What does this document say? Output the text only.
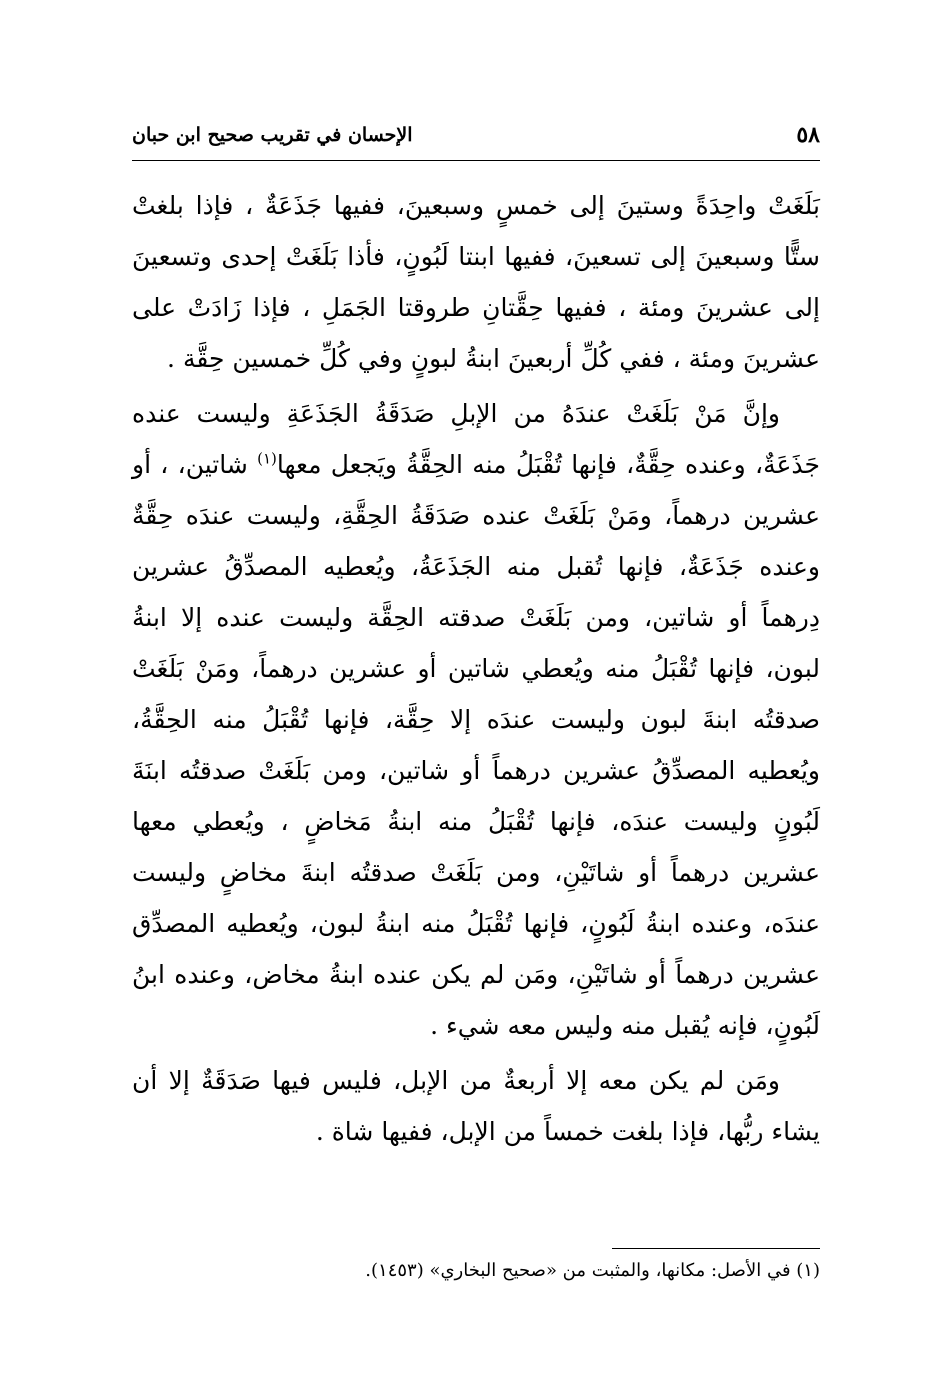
٥٨
الإحسان في تقريب صحيح ابن حبان

بَلَغَتْ واحِدَةً وستينَ إلى خمسٍ وسبعينَ، ففيها جَذَعَةٌ ، فإذا بلغتْ ستًّا وسبعينَ إلى تسعينَ، ففيها ابنتا لَبُونٍ، فأذا بَلَغَتْ إحدى وتسعينَ إلى عشرينَ ومئة ، ففيها حِقَّتانِ طروقتا الجَمَلِ ، فإذا زَادَتْ على عشرينَ ومئة ، ففي كُلِّ أربعينَ ابنةُ لبونٍ وفي كُلِّ خمسين حِقَّة .

وإنَّ مَنْ بَلَغَتْ عندَهُ من الإبلِ صَدَقَةُ الجَذَعَةِ وليست عنده جَذَعَةٌ، وعنده حِقَّةٌ، فإنها تُقْبَلُ منه الحِقَّةُ ويَجعل معها$^{(١)}$ شاتين، ، أو عشرين درهماً، ومَنْ بَلَغَتْ عنده صَدَقَةُ الحِقَّةِ، وليست عندَه حِقَّةٌ وعنده جَذَعَةٌ، فإنها تُقبل منه الجَذَعَةُ، ويُعطيه المصدِّقُ عشرين دِرهماً أو شاتين، ومن بَلَغَتْ صدقته الحِقَّة وليست عنده إلا ابنةُ لبون، فإنها تُقْبَلُ منه ويُعطي شاتين أو عشرين درهماً، ومَنْ بَلَغَتْ صدقتُه ابنةَ لبون وليست عندَه إلا حِقَّة، فإنها تُقْبَلُ منه الحِقَّةُ، ويُعطيه المصدِّقُ عشرين درهماً أو شاتين، ومن بَلَغَتْ صدقتُه ابنَةَ لَبُونٍ وليست عندَه، فإنها تُقْبَلُ منه ابنةُ مَخاضٍ ، ويُعطي معها عشرين درهماً أو شاتَيْنِ، ومن بَلَغَتْ صدقتُه ابنةَ مخاضٍ وليست عندَه، وعنده ابنةُ لَبُونٍ، فإنها تُقْبَلُ منه ابنةُ لبون، ويُعطيه المصدِّق عشرين درهماً أو شاتَيْنِ، ومَن لم يكن عنده ابنةُ مخاض، وعنده ابنُ لَبُونٍ، فإنه يُقبل منه وليس معه شيء .

ومَن لم يكن معه إلا أربعةٌ من الإبل، فليس فيها صَدَقَةٌ إلا أن يشاء ربُّها، فإذا بلغت خمساً من الإبل، ففيها شاة .

(١) في الأصل: مكانها، والمثبت من «صحيح البخاري» (١٤٥٣).
